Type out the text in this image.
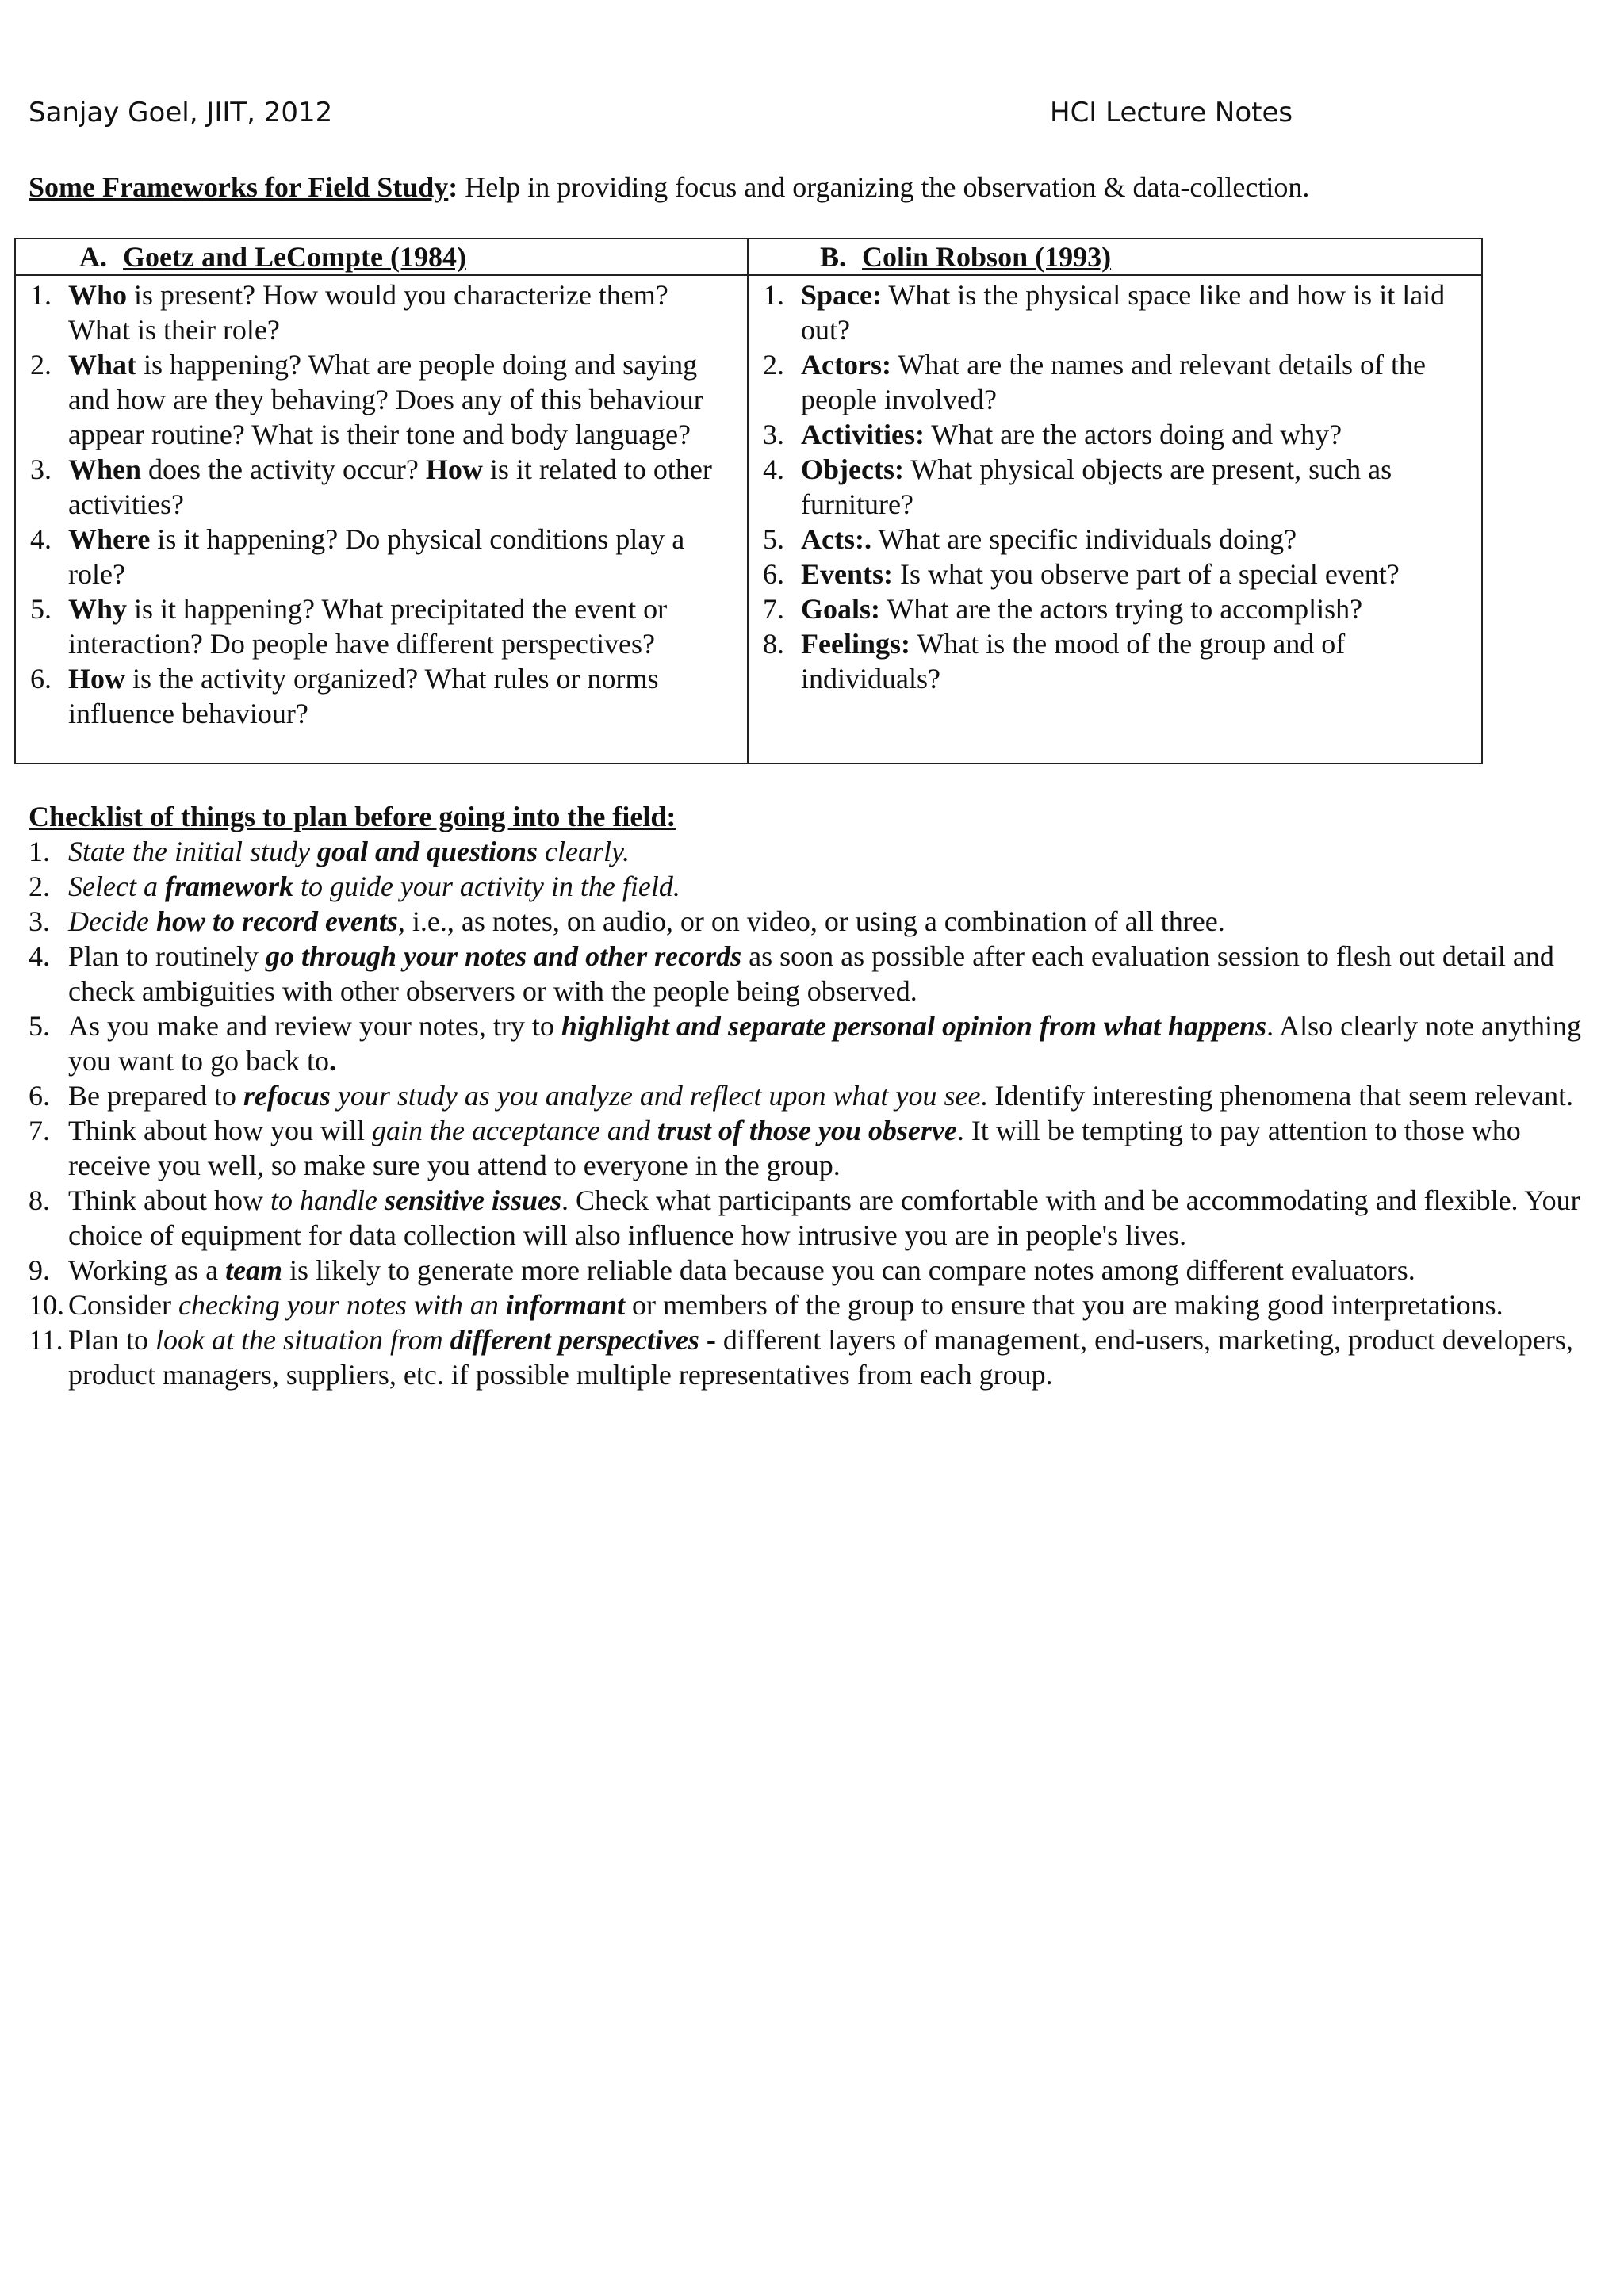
Sanjay Goel, JIIT, 2012	HCI Lecture Notes
Some Frameworks for Field Study: Help in providing focus and organizing the observation & data-collection.
A. Goetz and LeCompte (1984)
1. Who is present? How would you characterize them? What is their role?
2. What is happening? What are people doing and saying and how are they behaving? Does any of this behaviour appear routine? What is their tone and body language?
3. When does the activity occur? How is it related to other activities?
4. Where is it happening? Do physical conditions play a role?
5. Why is it happening? What precipitated the event or interaction? Do people have different perspectives?
6. How is the activity organized? What rules or norms influence behaviour?
B. Colin Robson (1993)
1. Space: What is the physical space like and how is it laid out?
2. Actors: What are the names and relevant details of the people involved?
3. Activities: What are the actors doing and why?
4. Objects: What physical objects are present, such as furniture?
5. Acts:. What are specific individuals doing?
6. Events: Is what you observe part of a special event?
7. Goals: What are the actors trying to accomplish?
8. Feelings: What is the mood of the group and of individuals?
Checklist of things to plan before going into the field:
1. State the initial study goal and questions clearly.
2. Select a framework to guide your activity in the field.
3. Decide how to record events, i.e., as notes, on audio, or on video, or using a combination of all three.
4. Plan to routinely go through your notes and other records as soon as possible after each evaluation session to flesh out detail and check ambiguities with other observers or with the people being observed.
5. As you make and review your notes, try to highlight and separate personal opinion from what happens. Also clearly note anything you want to go back to.
6. Be prepared to refocus your study as you analyze and reflect upon what you see. Identify interesting phenomena that seem relevant.
7. Think about how you will gain the acceptance and trust of those you observe. It will be tempting to pay attention to those who receive you well, so make sure you attend to everyone in the group.
8. Think about how to handle sensitive issues. Check what participants are comfortable with and be accommodating and flexible. Your choice of equipment for data collection will also influence how intrusive you are in people's lives.
9. Working as a team is likely to generate more reliable data because you can compare notes among different evaluators.
10. Consider checking your notes with an informant or members of the group to ensure that you are making good interpretations.
11. Plan to look at the situation from different perspectives - different layers of management, end-users, marketing, product developers, product managers, suppliers, etc. if possible multiple representatives from each group.
